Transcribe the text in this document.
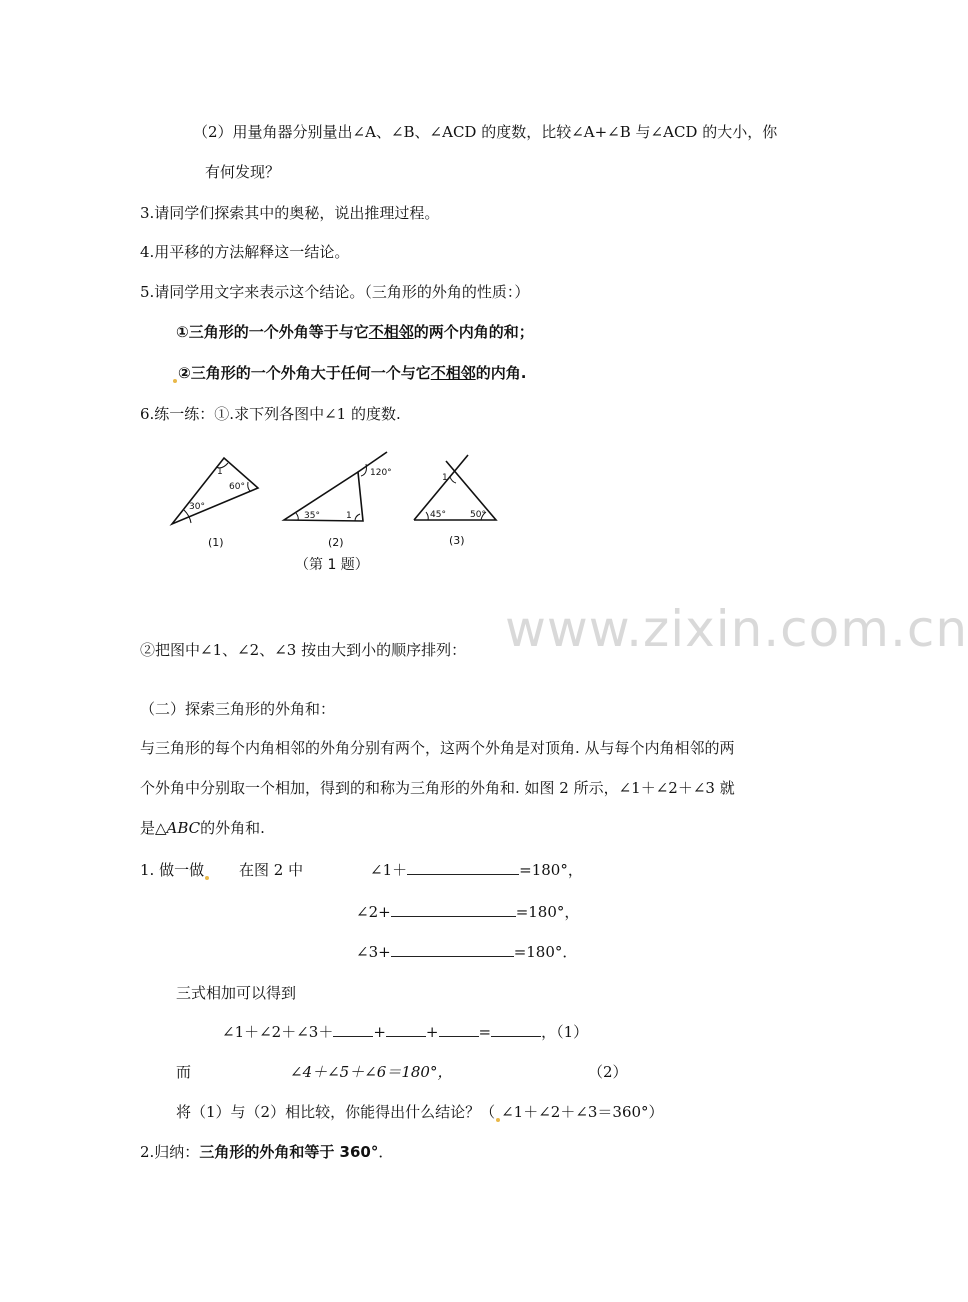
（2）用量角器分别量出∠A、∠B、∠ACD 的度数，比较∠A+∠B 与∠ACD 的大小，你
有何发现？
3.请同学们探索其中的奥秘，说出推理过程。
4.用平移的方法解释这一结论。
5.请同学用文字来表示这个结论。（三角形的外角的性质：）
①三角形的一个外角等于与它不相邻的两个内角的和；
②三角形的一个外角大于任何一个与它不相邻的内角.
6.练一练：①.求下列各图中∠1 的度数.
1
60°
30°
(1)
120°
35°	1
(2)
1
45°	50°
(3)
（第 1 题）
www.zixin.com.cn
②把图中∠1、∠2、∠3 按由大到小的顺序排列：
（二）探索三角形的外角和：
与三角形的每个内角相邻的外角分别有两个，这两个外角是对顶角. 从与每个内角相邻的两
个外角中分别取一个相加，得到的和称为三角形的外角和. 如图 2 所示，∠1＋∠2＋∠3 就
是△ABC的外角和.
1. 做一做	在图 2 中	∠1＋	=180°，
∠2+	=180°，
∠3+	=180°．
三式相加可以得到
∠1＋∠2＋∠3＋	+	+	=	，（1）
而	∠4＋∠5＋∠6＝180°，	（2）
将（1）与（2）相比较，你能得出什么结论？（ ∠1＋∠2＋∠3＝360°）
2.归纳：三角形的外角和等于 360°．
